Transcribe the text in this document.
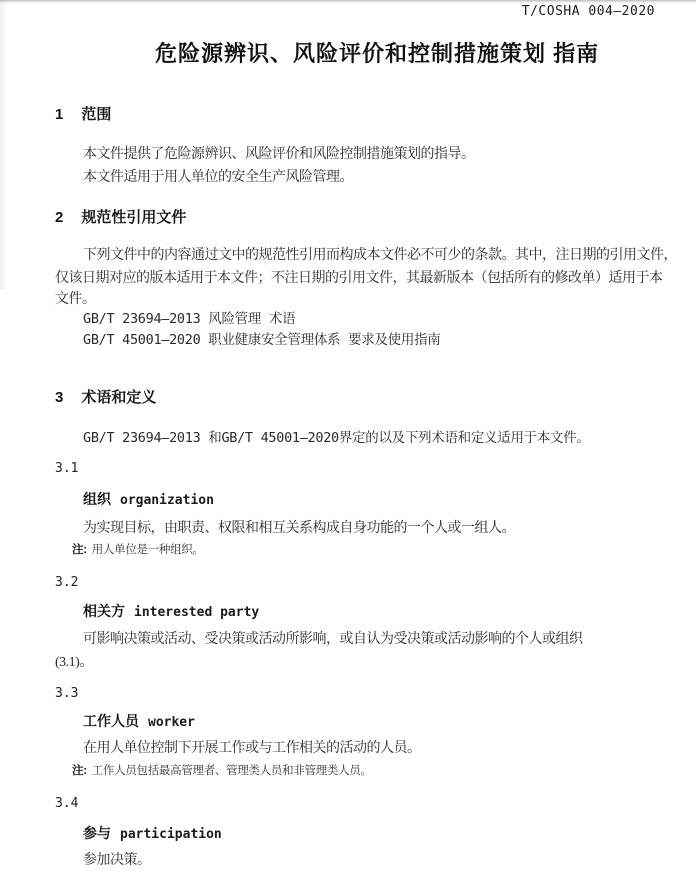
T/COSHA 004—2020
危险源辨识、风险评价和控制措施策划 指南
1 范围
本文件提供了危险源辨识、风险评价和风险控制措施策划的指导。
本文件适用于用人单位的安全生产风险管理。
2 规范性引用文件
下列文件中的内容通过文中的规范性引用而构成本文件必不可少的条款。其中，注日期的引用文件，
仅该日期对应的版本适用于本文件；不注日期的引用文件，其最新版本（包括所有的修改单）适用于本
文件。
GB/T 23694—2013 风险管理 术语
GB/T 45001—2020 职业健康安全管理体系 要求及使用指南
3 术语和定义
GB/T 23694—2013 和GB/T 45001—2020界定的以及下列术语和定义适用于本文件。
3.1
组织 organization
为实现目标，由职责、权限和相互关系构成自身功能的一个人或一组人。
注: 用人单位是一种组织。
3.2
相关方 interested party
可影响决策或活动、受决策或活动所影响，或自认为受决策或活动影响的个人或组织
(3.1)。
3.3
工作人员 worker
在用人单位控制下开展工作或与工作相关的活动的人员。
注: 工作人员包括最高管理者、管理类人员和非管理类人员。
3.4
参与 participation
参加决策。
